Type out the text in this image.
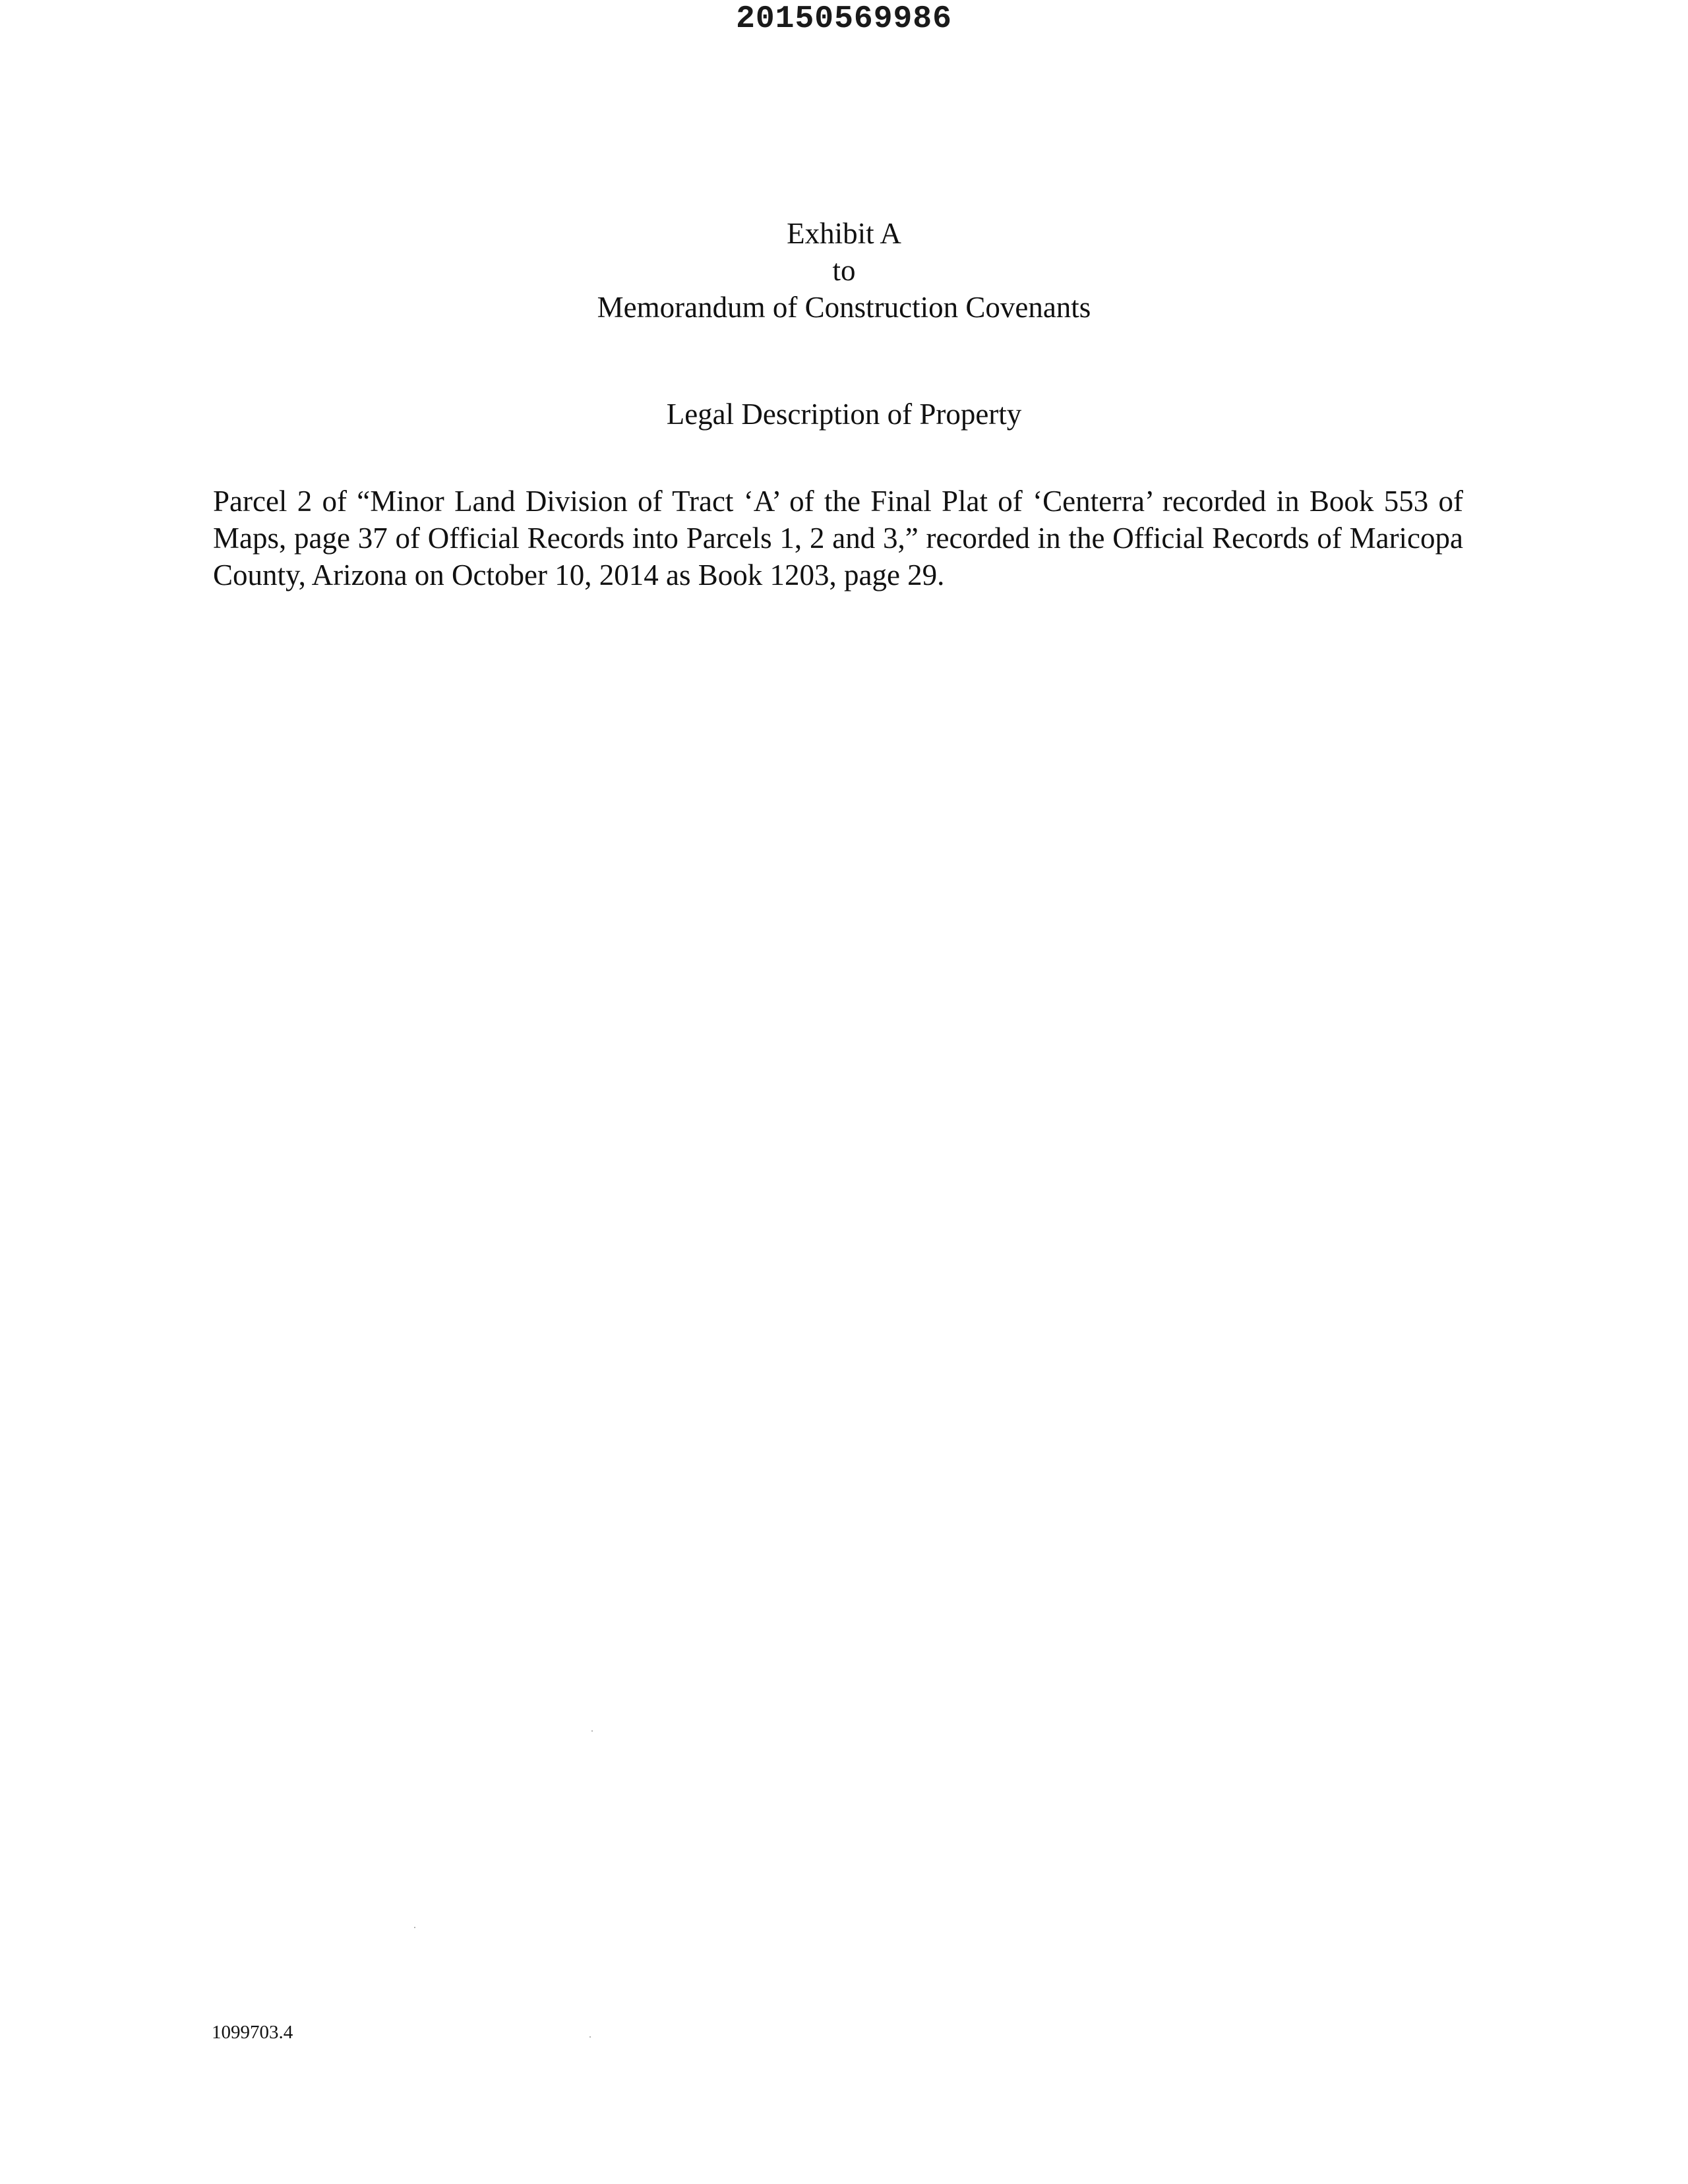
20150569986
Exhibit A
to
Memorandum of Construction Covenants
Legal Description of Property

Parcel 2 of “Minor Land Division of Tract ‘A’ of the Final Plat of ‘Centerra’ recorded in Book 553 of Maps, page 37 of Official Records into Parcels 1, 2 and 3,” recorded in the Official Records of Maricopa County, Arizona on October 10, 2014 as Book 1203, page 29.

1099703.4
